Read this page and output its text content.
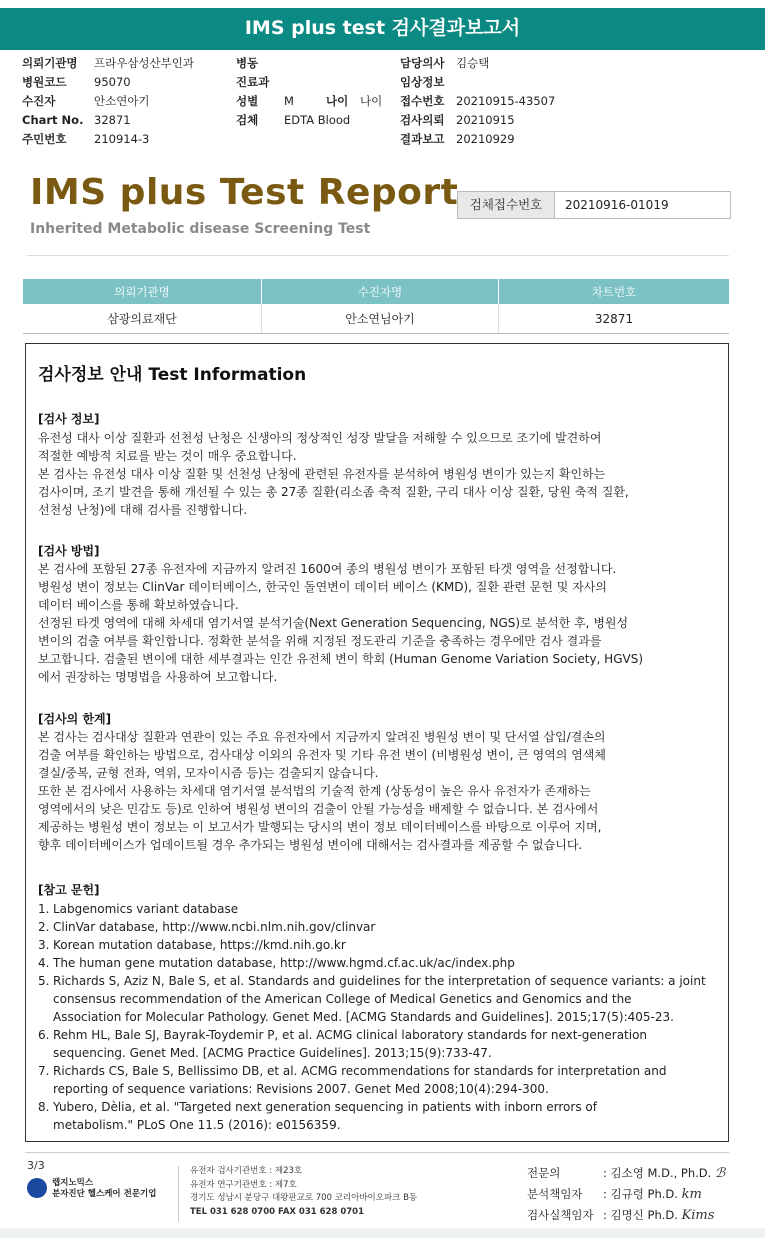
IMS plus test 검사결과보고서
의뢰기관명 프라우삼성산부인과
병원코드 95070
수진자	안소연아기
Chart No. 32871
주민번호 210914-3
병동
진료과
성별 M	나이 나이
검체 EDTA Blood
담당의사 김승택
임상정보
접수번호 20210915-43507
검사의뢰 20210915
결과보고 20210929
IMS plus Test Report
Inherited Metabolic disease Screening Test
검체접수번호	20210916-01019
의뢰기관명	수진자명	차트번호
삼광의료재단	안소연님아기	32871
검사정보 안내 Test Information
[검사 정보]

유전성 대사 이상 질환과 선천성 난청은 신생아의 정상적인 성장 발달을 저해할 수 있으므로 조기에 발견하여

적절한 예방적 치료를 받는 것이 매우 중요합니다.

본 검사는 유전성 대사 이상 질환 및 선천성 난청에 관련된 유전자를 분석하여 병원성 변이가 있는지 확인하는

검사이며, 조기 발견을 통해 개선될 수 있는 총 27종 질환(리소좀 축적 질환, 구리 대사 이상 질환, 당원 축적 질환,

선천성 난청)에 대해 검사를 진행합니다.

[검사 방법]

본 검사에 포함된 27종 유전자에 지금까지 알려진 1600여 종의 병원성 변이가 포함된 타겟 영역을 선정합니다.

병원성 변이 정보는 ClinVar 데이터베이스, 한국인 돌연변이 데이터 베이스 (KMD), 질환 관련 문헌 및 자사의

데이터 베이스를 통해 확보하였습니다.

선정된 타겟 영역에 대해 차세대 염기서열 분석기술(Next Generation Sequencing, NGS)로 분석한 후, 병원성

변이의 검출 여부를 확인합니다. 정확한 분석을 위해 지정된 정도관리 기준을 충족하는 경우에만 검사 결과를

보고합니다. 검출된 변이에 대한 세부결과는 인간 유전체 변이 학회 (Human Genome Variation Society, HGVS)

에서 권장하는 명명법을 사용하여 보고합니다.

[검사의 한계]

본 검사는 검사대상 질환과 연관이 있는 주요 유전자에서 지금까지 알려진 병원성 변이 및 단서열 삽입/결손의

검출 여부를 확인하는 방법으로, 검사대상 이외의 유전자 및 기타 유전 변이 (비병원성 변이, 큰 영역의 염색체

결실/중복, 균형 전좌, 역위, 모자이시즘 등)는 검출되지 않습니다.

또한 본 검사에서 사용하는 차세대 염기서열 분석법의 기술적 한계 (상동성이 높은 유사 유전자가 존재하는

영역에서의 낮은 민감도 등)로 인하여 병원성 변이의 검출이 안될 가능성을 배제할 수 없습니다. 본 검사에서

제공하는 병원성 변이 정보는 이 보고서가 발행되는 당시의 변이 정보 데이터베이스를 바탕으로 이루어 지며,

향후 데이터베이스가 업데이트될 경우 추가되는 병원성 변이에 대해서는 검사결과를 제공할 수 없습니다.

[참고 문헌]
1. Labgenomics variant database
2. ClinVar database, http://www.ncbi.nlm.nih.gov/clinvar
3. Korean mutation database, https://kmd.nih.go.kr
4. The human gene mutation database, http://www.hgmd.cf.ac.uk/ac/index.php
5. Richards S, Aziz N, Bale S, et al. Standards and guidelines for the interpretation of sequence variants: a joint
consensus recommendation of the American College of Medical Genetics and Genomics and the
Association for Molecular Pathology. Genet Med. [ACMG Standards and Guidelines]. 2015;17(5):405-23.
6. Rehm HL, Bale SJ, Bayrak-Toydemir P, et al. ACMG clinical laboratory standards for next-generation
sequencing. Genet Med. [ACMG Practice Guidelines]. 2013;15(9):733-47.
7. Richards CS, Bale S, Bellissimo DB, et al. ACMG recommendations for standards for interpretation and
reporting of sequence variations: Revisions 2007. Genet Med 2008;10(4):294-300.
8. Yubero, Dèlia, et al. "Targeted next generation sequencing in patients with inborn errors of
metabolism." PLoS One 11.5 (2016): e0156359.
3/3
랩지노믹스
분자진단 헬스케어 전문기업
유전자 검사기관번호 : 제23호
유전자 연구기관번호 : 제7호
경기도 성남시 분당구 대왕판교로 700 코리아바이오파크 B동
TEL 031 628 0700 FAX 031 628 0701
전문의	: 김소영 M.D., Ph.D. ℬ
분석책임자 : 김규령 Ph.D. km
검사실책임자 : 김명신 Ph.D. Kims
